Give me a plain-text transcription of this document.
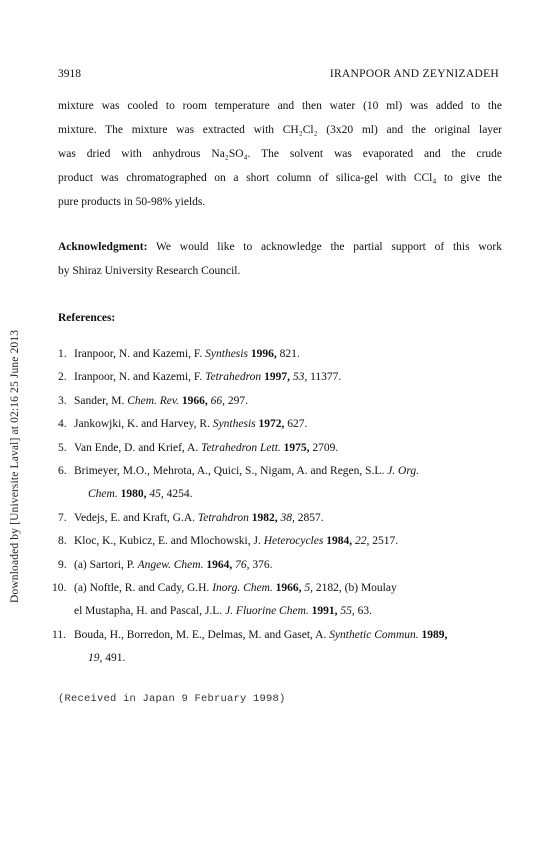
3918	IRANPOOR AND ZEYNIZADEH
Downloaded by [Universite Laval] at 02:16 25 June 2013
mixture was cooled to room temperature and then water (10 ml) was added to the
mixture. The mixture was extracted with CH₂Cl₂ (3x20 ml) and the original layer
was dried with anhydrous Na₂SO₄. The solvent was evaporated and the crude
product was chromatographed on a short column of silica-gel with CCl₄ to give the
pure products in 50-98% yields.
Acknowledgment: We would like to acknowledge the partial support of this work
by Shiraz University Research Council.
References:
1. Iranpoor, N. and Kazemi, F. Synthesis 1996, 821.
2. Iranpoor, N. and Kazemi, F. Tetrahedron 1997, 53, 11377.
3. Sander, M. Chem. Rev. 1966, 66, 297.
4. Jankowjki, K. and Harvey, R. Synthesis 1972, 627.
5. Van Ende, D. and Krief, A. Tetrahedron Lett. 1975, 2709.
6. Brimeyer, M.O., Mehrota, A., Quici, S., Nigam, A. and Regen, S.L. J. Org.
Chem. 1980, 45, 4254.
7. Vedejs, E. and Kraft, G.A. Tetrahdron 1982, 38, 2857.
8. Kloc, K., Kubicz, E. and Mlochowski, J. Heterocycles 1984, 22, 2517.
9. (a) Sartori, P. Angew. Chem. 1964, 76, 376.
10. (a) Noftle, R. and Cady, G.H. Inorg. Chem. 1966, 5, 2182, (b) Moulay
el Mustapha, H. and Pascal, J.L. J. Fluorine Chem. 1991, 55, 63.
11. Bouda, H., Borredon, M. E., Delmas, M. and Gaset, A. Synthetic Commun. 1989,
19, 491.
(Received in Japan 9 February 1998)
